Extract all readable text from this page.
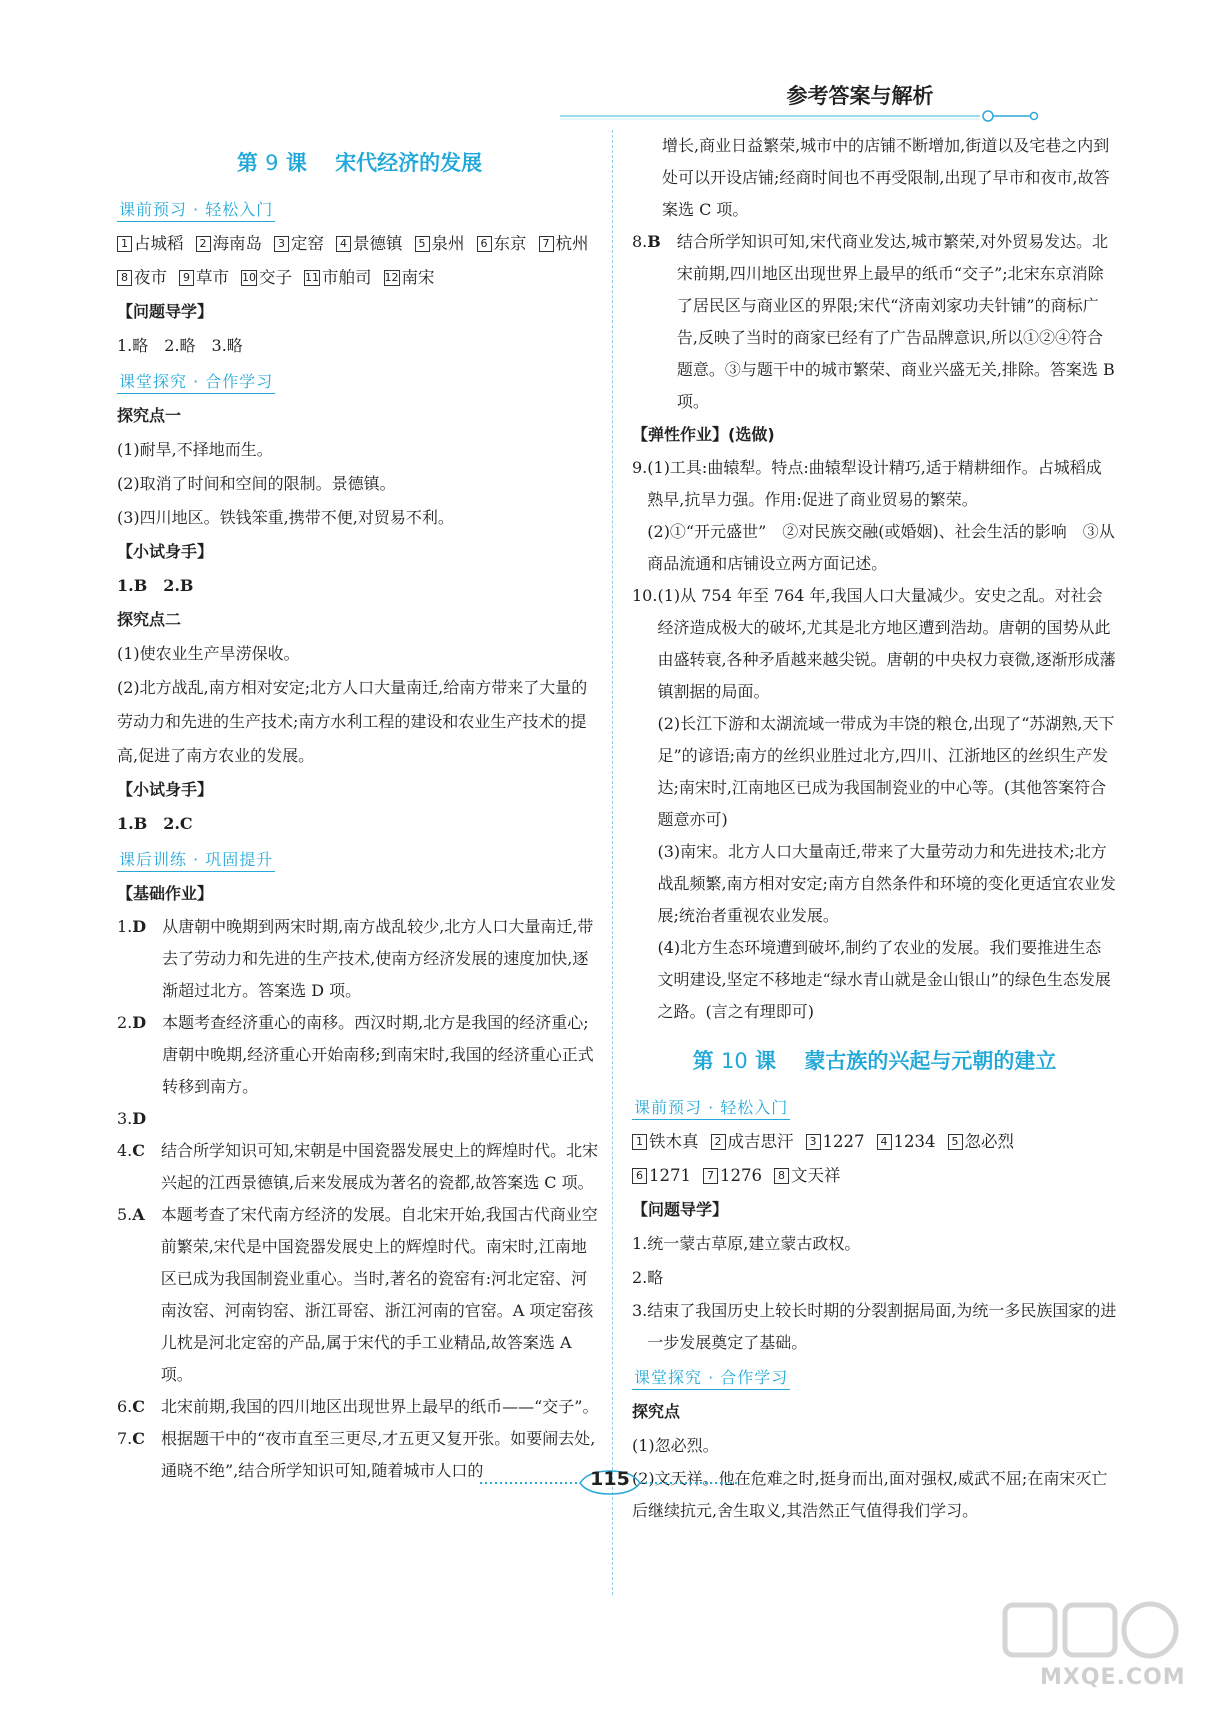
参考答案与解析
第 9 课　 宋代经济的发展
课前预习 · 轻松入门
1 占城稻	2 海南岛	3 定窑	4 景德镇	5 泉州	6 东京	7 杭州
8 夜市	9 草市 10 交子 11 市舶司 12 南宋
【问题导学】
1.略　2.略　3.略
课堂探究 · 合作学习
探究点一
(1)耐旱,不择地而生。
(2)取消了时间和空间的限制。景德镇。
(3)四川地区。铁钱笨重,携带不便,对贸易不利。
【小试身手】
1.B　2.B
探究点二
(1)使农业生产旱涝保收。
(2)北方战乱,南方相对安定;北方人口大量南迁,给南方带来了大量的劳动力和先进的生产技术;南方水利工程的建设和农业生产技术的提高,促进了南方农业的发展。
【小试身手】
1.B　2.C
课后训练 · 巩固提升
【基础作业】
1.D　	从唐朝中晚期到两宋时期,南方战乱较少,北方人口大量南迁,带去了劳动力和先进的生产技术,使南方经济发展的速度加快,逐渐超过北方。答案选 D 项。
2.D　	本题考查经济重心的南移。西汉时期,北方是我国的经济重心;唐朝中晚期,经济重心开始南移;到南宋时,我国的经济重心正式转移到南方。
3.D　
4.C　	结合所学知识可知,宋朝是中国瓷器发展史上的辉煌时代。北宋兴起的江西景德镇,后来发展成为著名的瓷都,故答案选 C 项。
5.A　	本题考查了宋代南方经济的发展。自北宋开始,我国古代商业空前繁荣,宋代是中国瓷器发展史上的辉煌时代。南宋时,江南地区已成为我国制瓷业重心。当时,著名的瓷窑有:河北定窑、河南汝窑、河南钧窑、浙江哥窑、浙江河南的官窑。A 项定窑孩儿枕是河北定窑的产品,属于宋代的手工业精品,故答案选 A 项。
6.C　	北宋前期,我国的四川地区出现世界上最早的纸币——“交子”。
7.C　	根据题干中的“夜市直至三更尽,才五更又复开张。如要闹去处,通晓不绝”,结合所学知识可知,随着城市人口的
增长,商业日益繁荣,城市中的店铺不断增加,街道以及宅巷之内到处可以开设店铺;经商时间也不再受限制,出现了早市和夜市,故答案选 C 项。
8.B　	结合所学知识可知,宋代商业发达,城市繁荣,对外贸易发达。北宋前期,四川地区出现世界上最早的纸币“交子”;北宋东京消除了居民区与商业区的界限;宋代“济南刘家功夫针铺”的商标广告,反映了当时的商家已经有了广告品牌意识,所以①②④符合题意。③与题干中的城市繁荣、商业兴盛无关,排除。答案选 B 项。
【弹性作业】(选做)
9. (1)工具:曲辕犁。特点:曲辕犁设计精巧,适于精耕细作。占城稻成熟早,抗旱力强。作用:促进了商业贸易的繁荣。
(2)①“开元盛世”　②对民族交融(或婚姻)、社会生活的影响　③从商品流通和店铺设立两方面记述。
10. (1)从 754 年至 764 年,我国人口大量减少。安史之乱。对社会经济造成极大的破坏,尤其是北方地区遭到浩劫。唐朝的国势从此由盛转衰,各种矛盾越来越尖锐。唐朝的中央权力衰微,逐渐形成藩镇割据的局面。
(2)长江下游和太湖流域一带成为丰饶的粮仓,出现了“苏湖熟,天下足”的谚语;南方的丝织业胜过北方,四川、江浙地区的丝织生产发达;南宋时,江南地区已成为我国制瓷业的中心等。(其他答案符合题意亦可)
(3)南宋。北方人口大量南迁,带来了大量劳动力和先进技术;北方战乱频繁,南方相对安定;南方自然条件和环境的变化更适宜农业发展;统治者重视农业发展。
(4)北方生态环境遭到破坏,制约了农业的发展。我们要推进生态文明建设,坚定不移地走“绿水青山就是金山银山”的绿色生态发展之路。(言之有理即可)
第 10 课　 蒙古族的兴起与元朝的建立
课前预习 · 轻松入门
1 铁木真	2 成吉思汗	3 1227	4 1234	5 忽必烈
6 1271	7 1276	8 文天祥
【问题导学】
1.统一蒙古草原,建立蒙古政权。
2.略
3. 结束了我国历史上较长时期的分裂割据局面,为统一多民族国家的进一步发展奠定了基础。
课堂探究 · 合作学习
探究点
(1)忽必烈。
(2)文天祥。他在危难之时,挺身而出,面对强权,威武不屈;在南宋灭亡后继续抗元,舍生取义,其浩然正气值得我们学习。
115
MXQE.COM
